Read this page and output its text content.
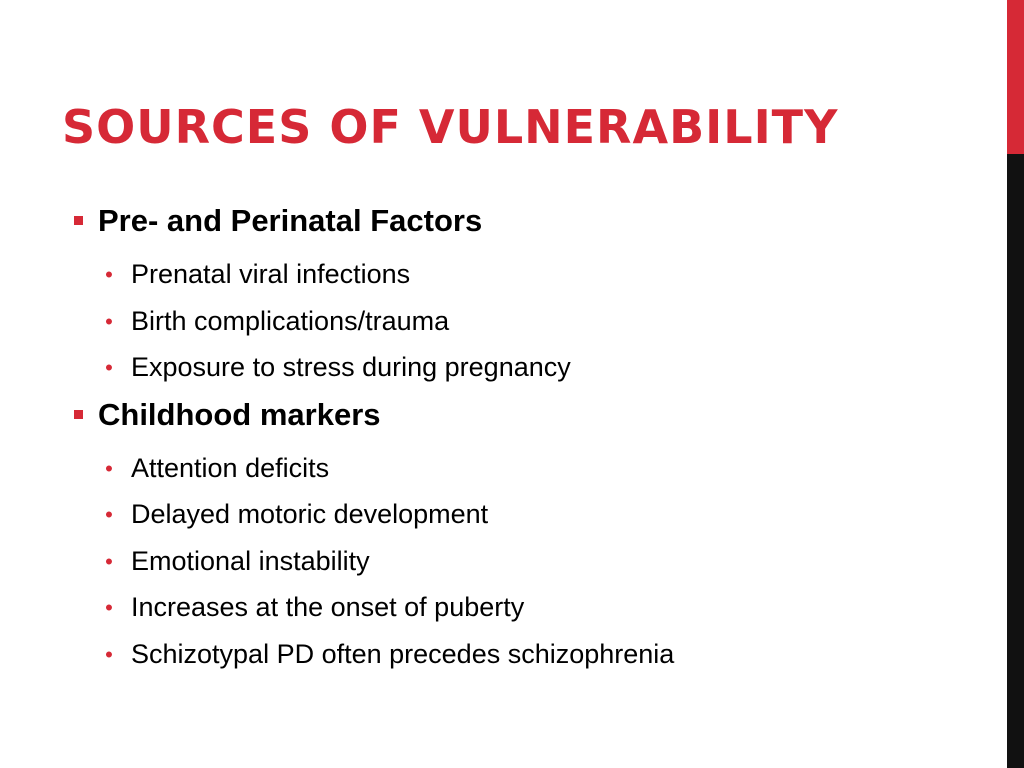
SOURCES OF VULNERABILITY
Pre- and Perinatal Factors
• Prenatal viral infections
• Birth complications/trauma
• Exposure to stress during pregnancy
Childhood markers
• Attention deficits
• Delayed motoric development
• Emotional instability
• Increases at the onset of puberty
• Schizotypal PD often precedes schizophrenia
